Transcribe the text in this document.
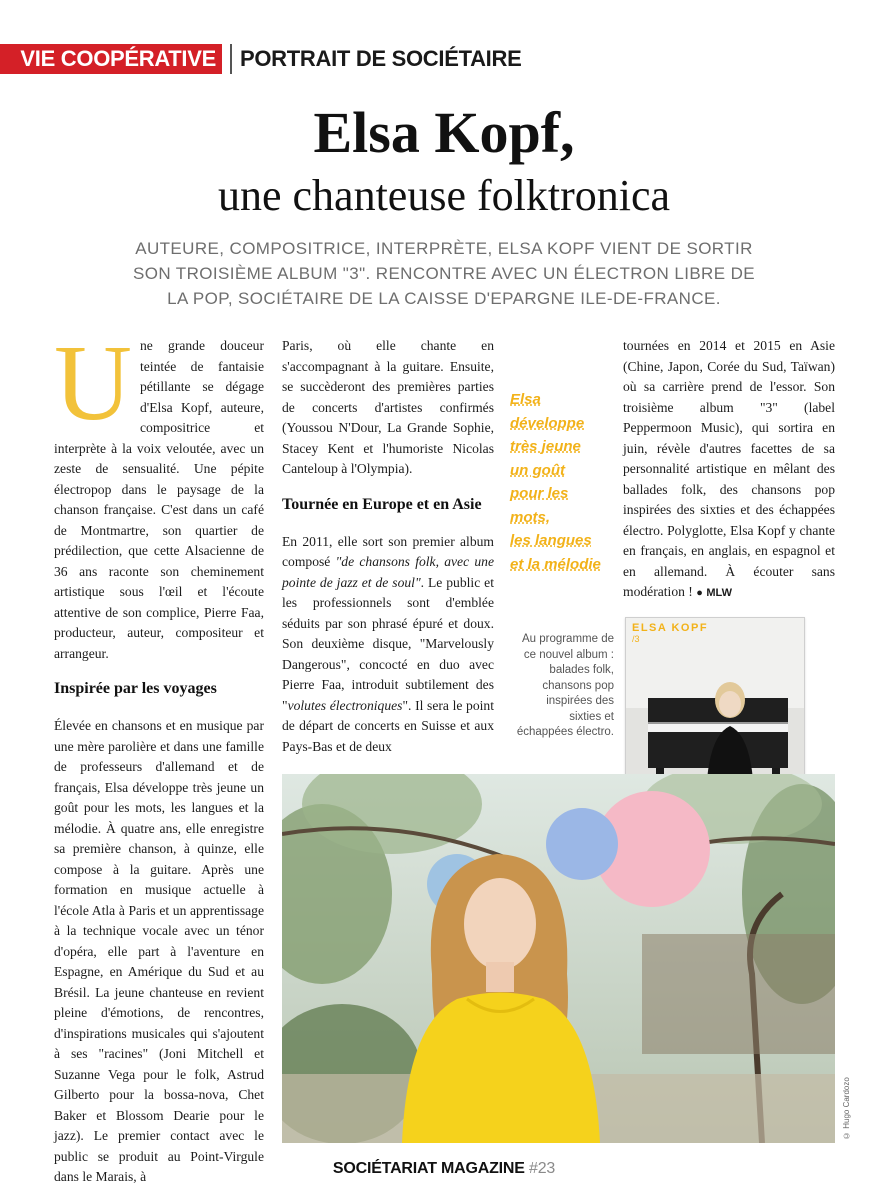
VIE COOPÉRATIVE PORTRAIT DE SOCIÉTAIRE
Elsa Kopf,
une chanteuse folktronica
AUTEURE, COMPOSITRICE, INTERPRÈTE, ELSA KOPF VIENT DE SORTIR SON TROISIÈME ALBUM "3". RENCONTRE AVEC UN ÉLECTRON LIBRE DE LA POP, SOCIÉTAIRE DE LA CAISSE D'EPARGNE ILE-DE-FRANCE.
U ne grande douceur teintée de fantaisie pétillante se dégage d'Elsa Kopf, auteure, compositrice et interprète à la voix veloutée, avec un zeste de sensualité. Une pépite électropop dans le paysage de la chanson française. C'est dans un café de Montmartre, son quartier de prédilection, que cette Alsacienne de 36 ans raconte son cheminement artistique sous l'œil et l'écoute attentive de son complice, Pierre Faa, producteur, auteur, compositeur et arrangeur.

Inspirée par les voyages

Élevée en chansons et en musique par une mère parolière et dans une famille de professeurs d'allemand et de français, Elsa développe très jeune un goût pour les mots, les langues et la mélodie. À quatre ans, elle enregistre sa première chanson, à quinze, elle compose à la guitare. Après une formation en musique actuelle à l'école Atla à Paris et un apprentissage à la technique vocale avec un ténor d'opéra, elle part à l'aventure en Espagne, en Amérique du Sud et au Brésil. La jeune chanteuse en revient pleine d'émotions, de rencontres, d'inspirations musicales qui s'ajoutent à ses "racines" (Joni Mitchell et Suzanne Vega pour le folk, Astrud Gilberto pour la bossa-nova, Chet Baker et Blossom Dearie pour le jazz). Le premier contact avec le public se produit au Point-Virgule dans le Marais, à

Paris, où elle chante en s'accompagnant à la guitare. Ensuite, se succèderont des premières parties de concerts d'artistes confirmés (Youssou N'Dour, La Grande Sophie, Stacey Kent et l'humoriste Nicolas Canteloup à l'Olympia).

Tournée en Europe et en Asie

En 2011, elle sort son premier album composé "de chansons folk, avec une pointe de jazz et de soul". Le public et les professionnels sont d'emblée séduits par son phrasé épuré et doux. Son deuxième disque, "Marvelously Dangerous", concocté en duo avec Pierre Faa, introduit subtilement des "volutes électroniques". Il sera le point de départ de concerts en Suisse et aux Pays-Bas et de deux

Elsa
développe
très jeune
un goût
pour les
mots,
les langues
et la mélodie

tournées en 2014 et 2015 en Asie (Chine, Japon, Corée du Sud, Taïwan) où sa carrière prend de l'essor. Son troisième album "3" (label Peppermoon Music), qui sortira en juin, révèle d'autres facettes de sa personnalité artistique en mêlant des ballades folk, des chansons pop inspirées des sixties et des échappées électro. Polyglotte, Elsa Kopf y chante en français, en anglais, en espagnol et en allemand. À écouter sans modération ! ● MLW

Au programme de ce nouvel album : balades folk, chansons pop inspirées des sixties et échappées électro.
ELSA KOPF
/3
© Hugo Cardozo
SOCIÉTARIAT MAGAZINE #23
